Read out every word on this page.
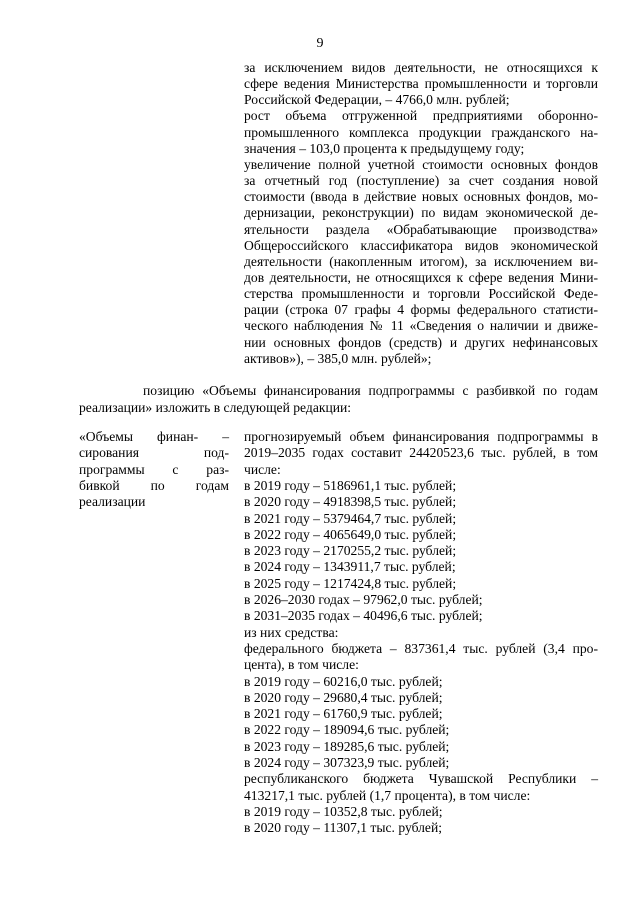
9
за исключением видов деятельности, не относящихся к
сфере ведения Министерства промышленности и торговли
Российской Федерации, – 4766,0 млн. рублей;
рост объема отгруженной предприятиями оборонно-
промышленного комплекса продукции гражданского на-
значения – 103,0 процента к предыдущему году;
увеличение полной учетной стоимости основных фондов
за отчетный год (поступление) за счет создания новой
стоимости (ввода в действие новых основных фондов, мо-
дернизации, реконструкции) по видам экономической де-
ятельности раздела «Обрабатывающие производства»
Общероссийского классификатора видов экономической
деятельности (накопленным итогом), за исключением ви-
дов деятельности, не относящихся к сфере ведения Мини-
стерства промышленности и торговли Российской Феде-
рации (строка 07 графы 4 формы федерального статисти-
ческого наблюдения № 11 «Сведения о наличии и движе-
нии основных фондов (средств) и других нефинансовых
активов»), – 385,0 млн. рублей»;
позицию «Объемы финансирования подпрограммы с разбивкой по годам
реализации» изложить в следующей редакции:
«Объемы финан- –
сирования под-
программы с раз-
бивкой по годам
реализации
прогнозируемый объем финансирования подпрограммы в
2019–2035 годах составит 24420523,6 тыс. рублей, в том
числе:
в 2019 году – 5186961,1 тыс. рублей;
в 2020 году – 4918398,5 тыс. рублей;
в 2021 году – 5379464,7 тыс. рублей;
в 2022 году – 4065649,0 тыс. рублей;
в 2023 году – 2170255,2 тыс. рублей;
в 2024 году – 1343911,7 тыс. рублей;
в 2025 году – 1217424,8 тыс. рублей;
в 2026–2030 годах – 97962,0 тыс. рублей;
в 2031–2035 годах – 40496,6 тыс. рублей;
из них средства:
федерального бюджета – 837361,4 тыс. рублей (3,4 про-
цента), в том числе:
в 2019 году – 60216,0 тыс. рублей;
в 2020 году – 29680,4 тыс. рублей;
в 2021 году – 61760,9 тыс. рублей;
в 2022 году – 189094,6 тыс. рублей;
в 2023 году – 189285,6 тыс. рублей;
в 2024 году – 307323,9 тыс. рублей;
республиканского бюджета Чувашской Республики –
413217,1 тыс. рублей (1,7 процента), в том числе:
в 2019 году – 10352,8 тыс. рублей;
в 2020 году – 11307,1 тыс. рублей;
